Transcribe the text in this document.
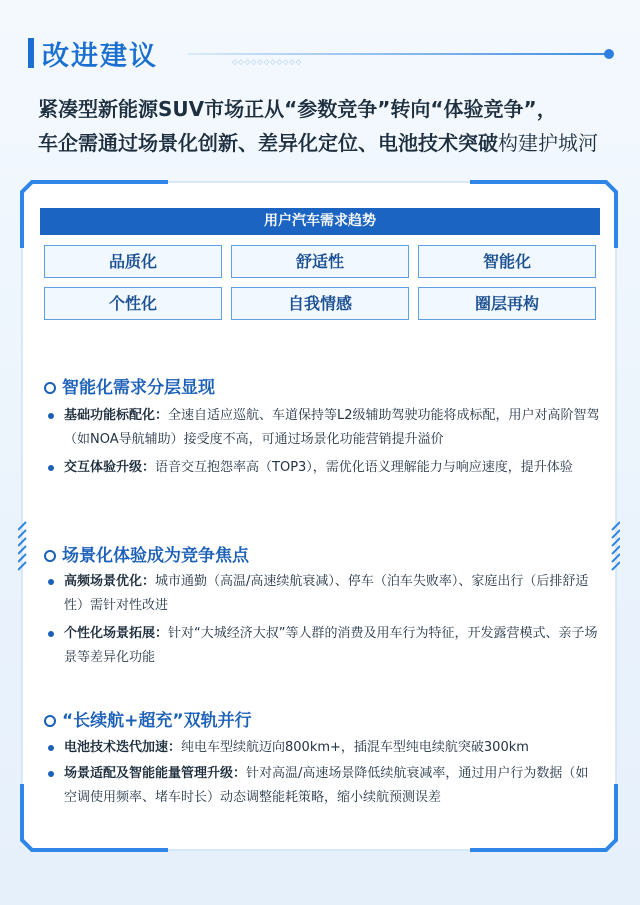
改进建议	◇◇◇◇◇◇◇◇◇◇◇
紧凑型新能源SUV市场正从“参数竞争”转向“体验竞争”，
车企需通过场景化创新、差异化定位、电池技术突破构建护城河
用户汽车需求趋势
品质化	舒适性	智能化
个性化	自我情感	圈层再构
智能化需求分层显现
基础功能标配化：全速自适应巡航、车道保持等L2级辅助驾驶功能将成标配，用户对高阶智驾（如NOA导航辅助）接受度不高，可通过场景化功能营销提升溢价
交互体验升级：语音交互抱怨率高（TOP3），需优化语义理解能力与响应速度，提升体验
场景化体验成为竞争焦点
高频场景优化：城市通勤（高温/高速续航衰减）、停车（泊车失败率）、家庭出行（后排舒适性）需针对性改进
个性化场景拓展：针对“大城经济大叔”等人群的消费及用车行为特征，开发露营模式、亲子场景等差异化功能
“长续航+超充”双轨并行
电池技术迭代加速：纯电车型续航迈向800km+，插混车型纯电续航突破300km
场景适配及智能能量管理升级：针对高温/高速场景降低续航衰减率，通过用户行为数据（如空调使用频率、堵车时长）动态调整能耗策略，缩小续航预测误差
